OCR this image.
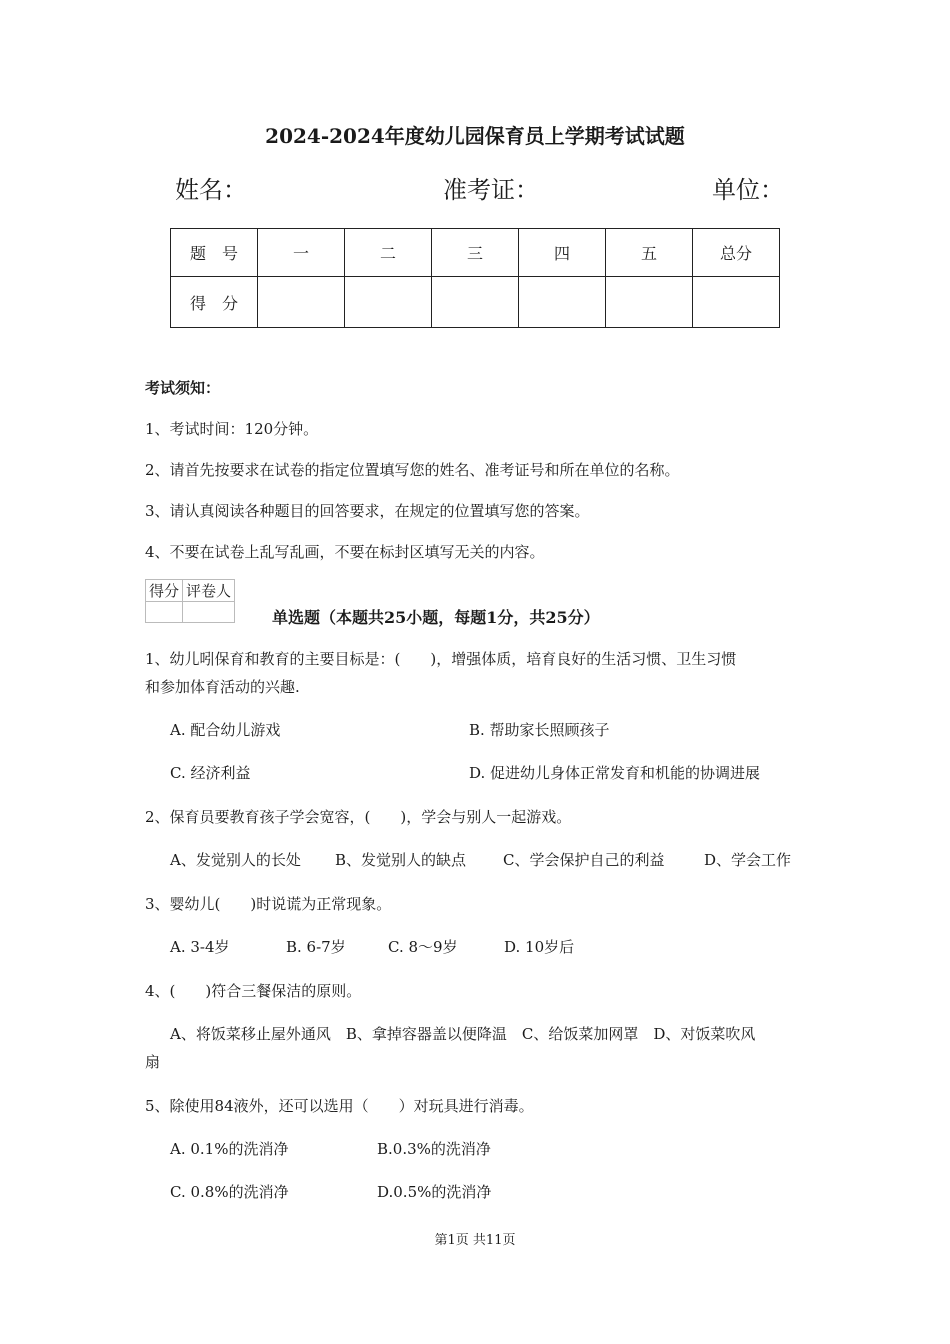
2024-2024年度幼儿园保育员上学期考试试题
姓名：	准考证：	单位：
题　号	一	二	三	四	五	总分
得　分						
考试须知：
1、考试时间：120分钟。
2、请首先按要求在试卷的指定位置填写您的姓名、准考证号和所在单位的名称。
3、请认真阅读各种题目的回答要求，在规定的位置填写您的答案。
4、不要在试卷上乱写乱画，不要在标封区填写无关的内容。
得分	评卷人

单选题（本题共25小题，每题1分，共25分）
1、幼儿吲保育和教育的主要目标是：(　　)，增强体质，培育良好的生活习惯、卫生习惯
和参加体育活动的兴趣.
A. 配合幼儿游戏	B. 帮助家长照顾孩子
C. 经济利益	D. 促进幼儿身体正常发育和机能的协调进展
2、保育员要教育孩子学会宽容，(　　)，学会与别人一起游戏。
A、发觉别人的长处 B、发觉别人的缺点 C、学会保护自己的利益	D、学会工作
3、婴幼儿(　　)时说谎为正常现象。
A. 3-4岁	B. 6-7岁	C. 8～9岁	D. 10岁后
4、(　　)符合三餐保洁的原则。
A、将饭菜移止屋外通风　B、拿掉容器盖以便降温　C、给饭菜加网罩　D、对饭菜吹风
扇
5、除使用84液外，还可以选用（　　）对玩具进行消毒。
A. 0.1%的洗消净	B.0.3%的洗消净
C. 0.8%的洗消净	D.0.5%的洗消净
第1页 共11页
